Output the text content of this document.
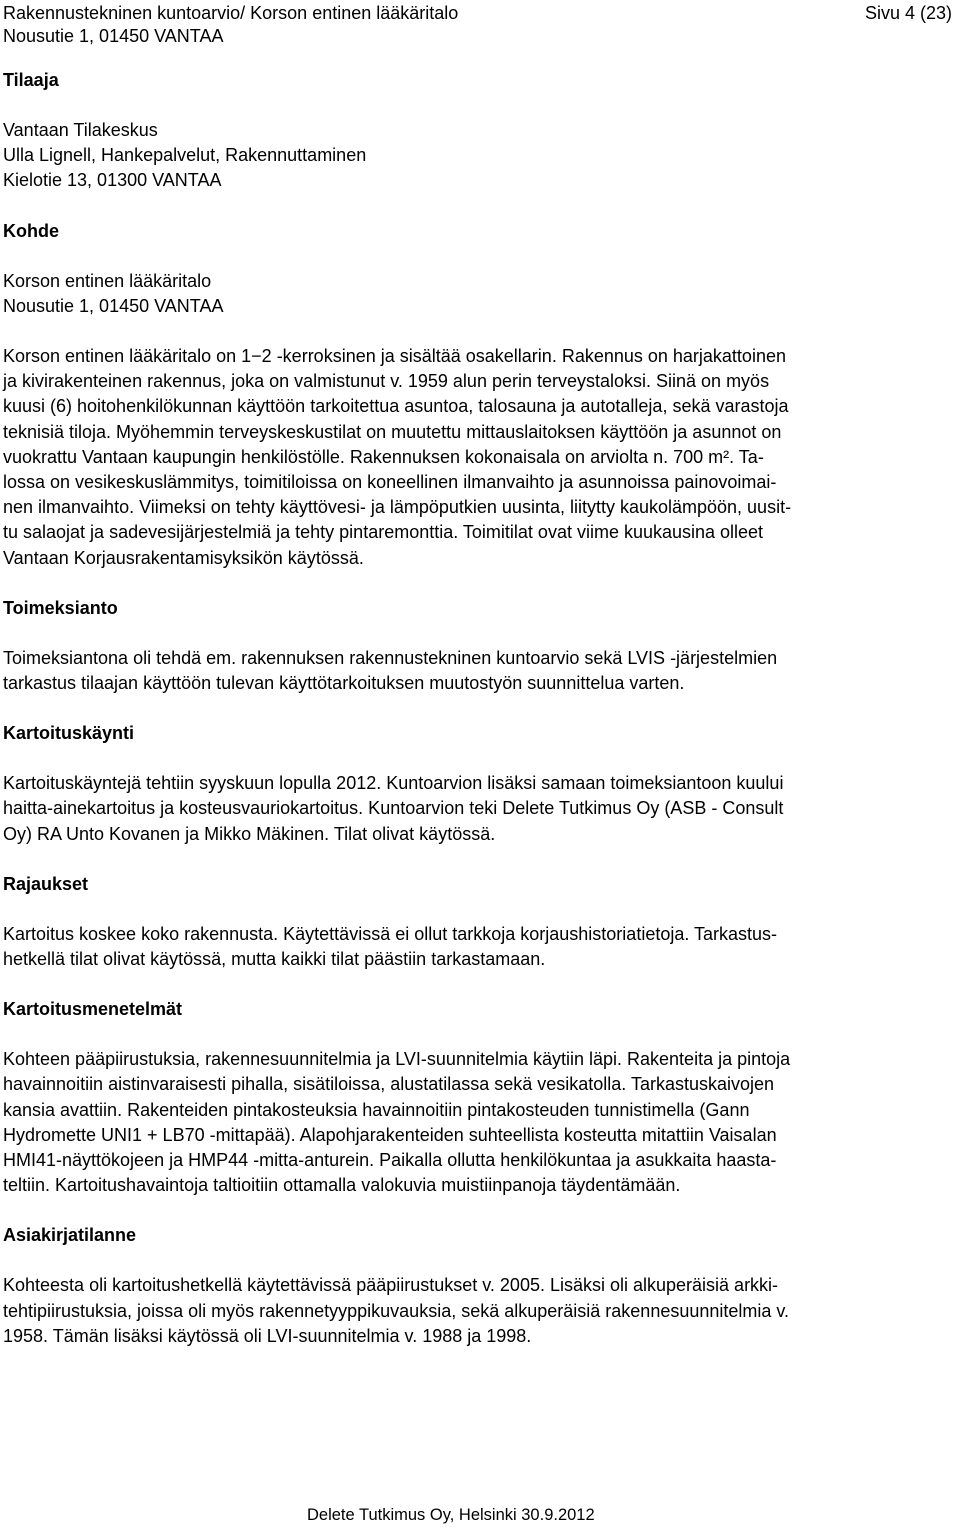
Rakennustekninen kuntoarvio/ Korson entinen lääkäritalo
Nousutie 1, 01450 VANTAA
Sivu 4 (23)
Tilaaja
Vantaan Tilakeskus
Ulla Lignell, Hankepalvelut, Rakennuttaminen
Kielotie 13, 01300 VANTAA
Kohde
Korson entinen lääkäritalo
Nousutie 1, 01450 VANTAA
Korson entinen lääkäritalo on 1−2 -kerroksinen ja sisältää osakellarin. Rakennus on harjakattoinen
ja kivirakenteinen rakennus, joka on valmistunut v. 1959 alun perin terveystaloksi. Siinä on myös
kuusi (6) hoitohenkilökunnan käyttöön tarkoitettua asuntoa, talosauna ja autotalleja, sekä varastoja
teknisiä tiloja. Myöhemmin terveyskeskustilat on muutettu mittauslaitoksen käyttöön ja asunnot on
vuokrattu Vantaan kaupungin henkilöstölle. Rakennuksen kokonaisala on arviolta n. 700 m². Ta-
lossa on vesikeskuslämmitys, toimitiloissa on koneellinen ilmanvaihto ja asunnoissa painovoimai-
nen ilmanvaihto. Viimeksi on tehty käyttövesi- ja lämpöputkien uusinta, liitytty kaukolämpöön, uusit-
tu salaojat ja sadevesijärjestelmiä ja tehty pintaremonttia. Toimitilat ovat viime kuukausina olleet
Vantaan Korjausrakentamisyksikön käytössä.
Toimeksianto
Toimeksiantona oli tehdä em. rakennuksen rakennustekninen kuntoarvio sekä LVIS -järjestelmien
tarkastus tilaajan käyttöön tulevan käyttötarkoituksen muutostyön suunnittelua varten.
Kartoituskäynti
Kartoituskäyntejä tehtiin syyskuun lopulla 2012. Kuntoarvion lisäksi samaan toimeksiantoon kuului
haitta-ainekartoitus ja kosteusvauriokartoitus. Kuntoarvion teki Delete Tutkimus Oy (ASB - Consult
Oy) RA Unto Kovanen ja Mikko Mäkinen. Tilat olivat käytössä.
Rajaukset
Kartoitus koskee koko rakennusta. Käytettävissä ei ollut tarkkoja korjaushistoriatietoja. Tarkastus-
hetkellä tilat olivat käytössä, mutta kaikki tilat päästiin tarkastamaan.
Kartoitusmenetelmät
Kohteen pääpiirustuksia, rakennesuunnitelmia ja LVI-suunnitelmia käytiin läpi. Rakenteita ja pintoja
havainnoitiin aistinvaraisesti pihalla, sisätiloissa, alustatilassa sekä vesikatolla. Tarkastuskaivojen
kansia avattiin. Rakenteiden pintakosteuksia havainnoitiin pintakosteuden tunnistimella (Gann
Hydromette UNI1 + LB70 -mittapää). Alapohjarakenteiden suhteellista kosteutta mitattiin Vaisalan
HMI41-näyttökojeen ja HMP44 -mitta-anturein. Paikalla ollutta henkilökuntaa ja asukkaita haasta-
teltiin. Kartoitushavaintoja taltioitiin ottamalla valokuvia muistiinpanoja täydentämään.
Asiakirjatilanne
Kohteesta oli kartoitushetkellä käytettävissä pääpiirustukset v. 2005. Lisäksi oli alkuperäisiä arkki-
tehtipiirustuksia, joissa oli myös rakennetyyppikuvauksia, sekä alkuperäisiä rakennesuunnitelmia v.
1958. Tämän lisäksi käytössä oli LVI-suunnitelmia v. 1988 ja 1998.
Delete Tutkimus Oy, Helsinki 30.9.2012
